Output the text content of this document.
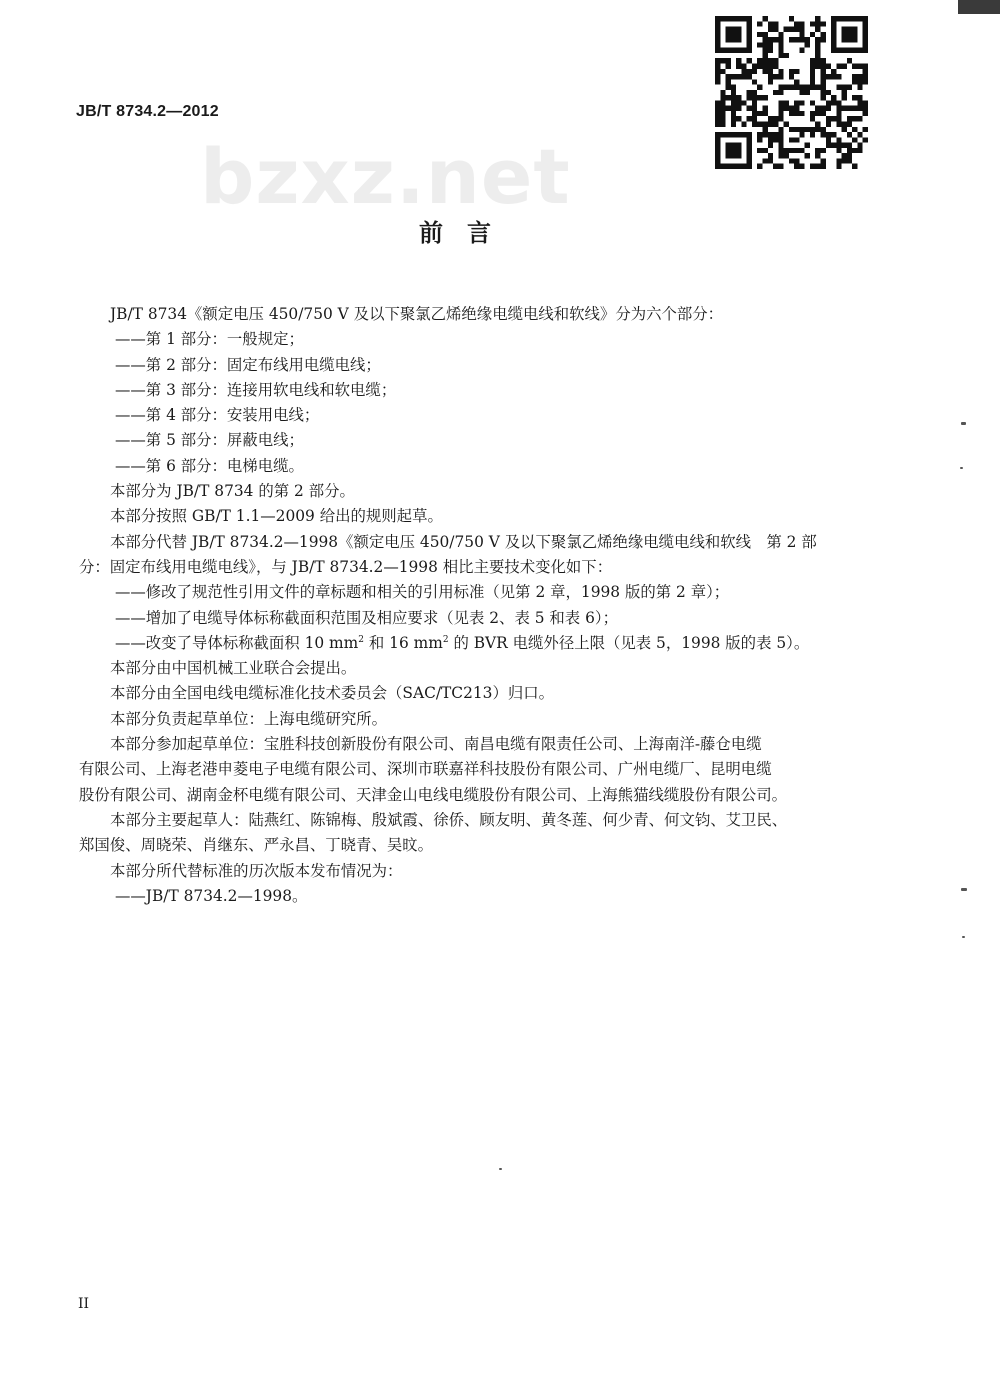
JB/T 8734.2—2012
bzxz.net
前言

JB/T 8734《额定电压 450/750 V 及以下聚氯乙烯绝缘电缆电线和软线》分为六个部分：

——第 1 部分：一般规定；

——第 2 部分：固定布线用电缆电线；

——第 3 部分：连接用软电线和软电缆；

——第 4 部分：安装用电线；

——第 5 部分：屏蔽电线；

——第 6 部分：电梯电缆。

本部分为 JB/T 8734 的第 2 部分。

本部分按照 GB/T 1.1—2009 给出的规则起草。

本部分代替 JB/T 8734.2—1998《额定电压 450/750 V 及以下聚氯乙烯绝缘电缆电线和软线　第 2 部

分：固定布线用电缆电线》，与 JB/T 8734.2—1998 相比主要技术变化如下：

——修改了规范性引用文件的章标题和相关的引用标准（见第 2 章，1998 版的第 2 章）；

——增加了电缆导体标称截面积范围及相应要求（见表 2、表 5 和表 6）；

——改变了导体标称截面积 10 $mm^2$ 和 16 $mm^2$ 的 BVR 电缆外径上限（见表 5，1998 版的表 5）。

本部分由中国机械工业联合会提出。

本部分由全国电线电缆标准化技术委员会（SAC/TC213）归口。

本部分负责起草单位：上海电缆研究所。

本部分参加起草单位：宝胜科技创新股份有限公司、南昌电缆有限责任公司、上海南洋-藤仓电缆

有限公司、上海老港申菱电子电缆有限公司、深圳市联嘉祥科技股份有限公司、广州电缆厂、昆明电缆

股份有限公司、湖南金杯电缆有限公司、天津金山电线电缆股份有限公司、上海熊猫线缆股份有限公司。

本部分主要起草人：陆燕红、陈锦梅、殷斌霞、徐侨、顾友明、黄冬莲、何少青、何文钧、艾卫民、

郑国俊、周晓荣、肖继东、严永昌、丁晓青、吴旼。

本部分所代替标准的历次版本发布情况为：

——JB/T 8734.2—1998。

II
